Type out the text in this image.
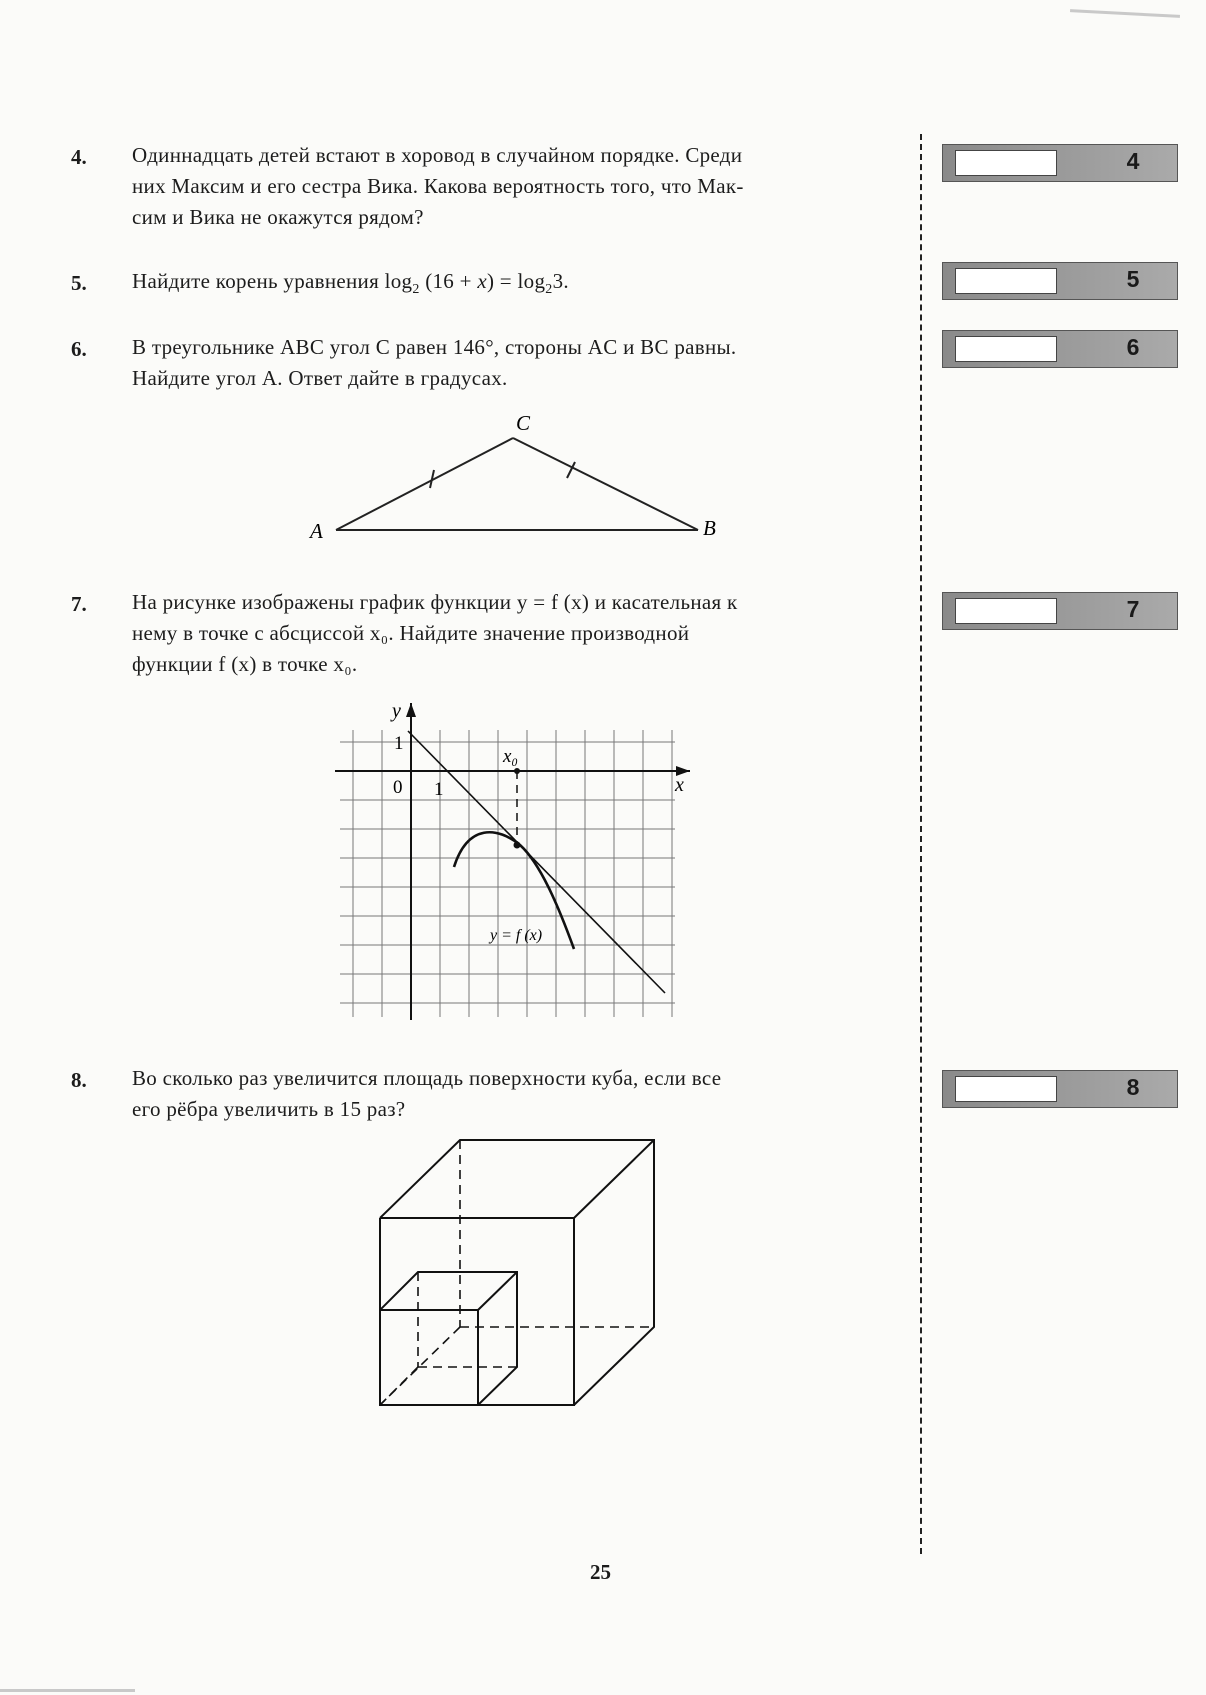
4. Одиннадцать детей встают в хоровод в случайном порядке. Среди
них Максим и его сестра Вика. Какова вероятность того, что Мак-
сим и Вика не окажутся рядом?
4
5. Найдите корень уравнения $\log_2 (16 + x) = \log_23$.	5
6. В треугольнике ABC угол C равен 146°, стороны AC и BC равны.
Найдите угол A. Ответ дайте в градусах.
6
A	B
C
7. На рисунке изображены график функции y = f (x) и касательная к
нему в точке с абсциссой x₀. Найдите значение производной
функции f (x) в точке x₀.
7
y
x
0 1
1
x₀
y = f (x)
8. Во сколько раз увеличится площадь поверхности куба, если все
его рёбра увеличить в 15 раз?
8
25
